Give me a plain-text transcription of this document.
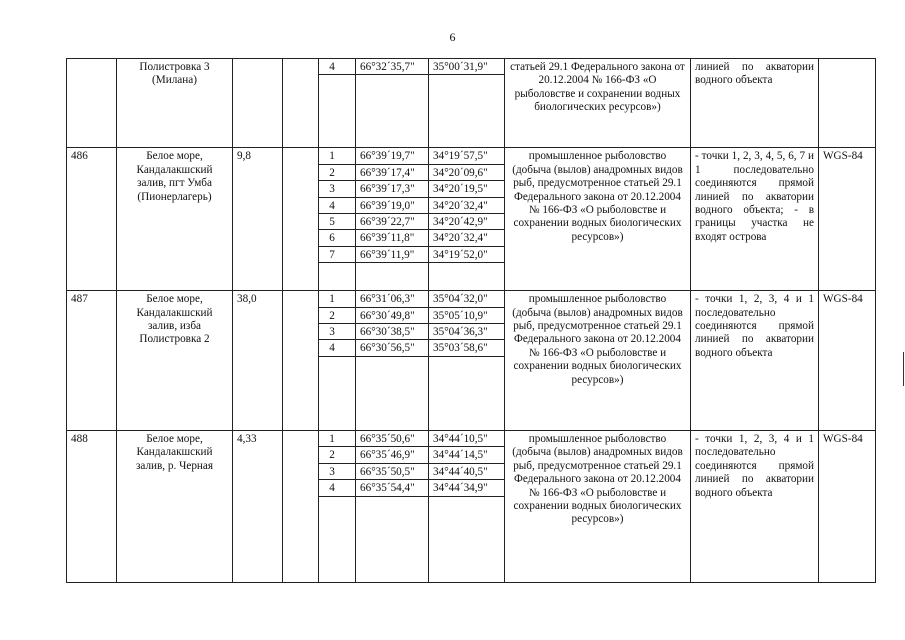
6
	Полистровка 3 (Милана)			4	66°32´35,7"	35°00´31,9"	статьей 29.1 Федерального закона от 20.12.2004 № 166-ФЗ «О рыболовстве и сохранении водных биологических ресурсов»)	линией по акватории водного объекта	

486	Белое море, Кандалакшский залив, пгт Умба (Пионерлагерь)	9,8		1	66°39´19,7"	34°19´57,5"	промышленное рыболовство (добыча (вылов) анадромных видов рыб, предусмотренное статьей 29.1 Федерального закона от 20.12.2004 № 166-ФЗ «О рыболовстве и сохранении водных биологических ресурсов»)	- точки 1, 2, 3, 4, 5, 6, 7 и 1 последовательно соединяются прямой линией по акватории водного объекта; - в границы участка не входят острова	WGS-84
				2	66°39´17,4"	34°20´09,6"			
				3	66°39´17,3"	34°20´19,5"			
				4	66°39´19,0"	34°20´32,4"			
				5	66°39´22,7"	34°20´42,9"			
				6	66°39´11,8"	34°20´32,4"			
				7	66°39´11,9"	34°19´52,0"			

487	Белое море, Кандалакшский залив, изба Полистровка 2	38,0		1	66°31´06,3"	35°04´32,0"	промышленное рыболовство (добыча (вылов) анадромных видов рыб, предусмотренное статьей 29.1 Федерального закона от 20.12.2004 № 166-ФЗ «О рыболовстве и сохранении водных биологических ресурсов»)	- точки 1, 2, 3, 4 и 1 последовательно соединяются прямой линией по акватории водного объекта	WGS-84
				2	66°30´49,8"	35°05´10,9"			
				3	66°30´38,5"	35°04´36,3"			
				4	66°30´56,5"	35°03´58,6"			

488	Белое море, Кандалакшский залив, р. Черная	4,33		1	66°35´50,6"	34°44´10,5"	промышленное рыболовство (добыча (вылов) анадромных видов рыб, предусмотренное статьей 29.1 Федерального закона от 20.12.2004 № 166-ФЗ «О рыболовстве и сохранении водных биологических ресурсов»)	- точки 1, 2, 3, 4 и 1 последовательно соединяются прямой линией по акватории водного объекта	WGS-84
				2	66°35´46,9"	34°44´14,5"			
				3	66°35´50,5"	34°44´40,5"			
				4	66°35´54,4"	34°44´34,9"			
